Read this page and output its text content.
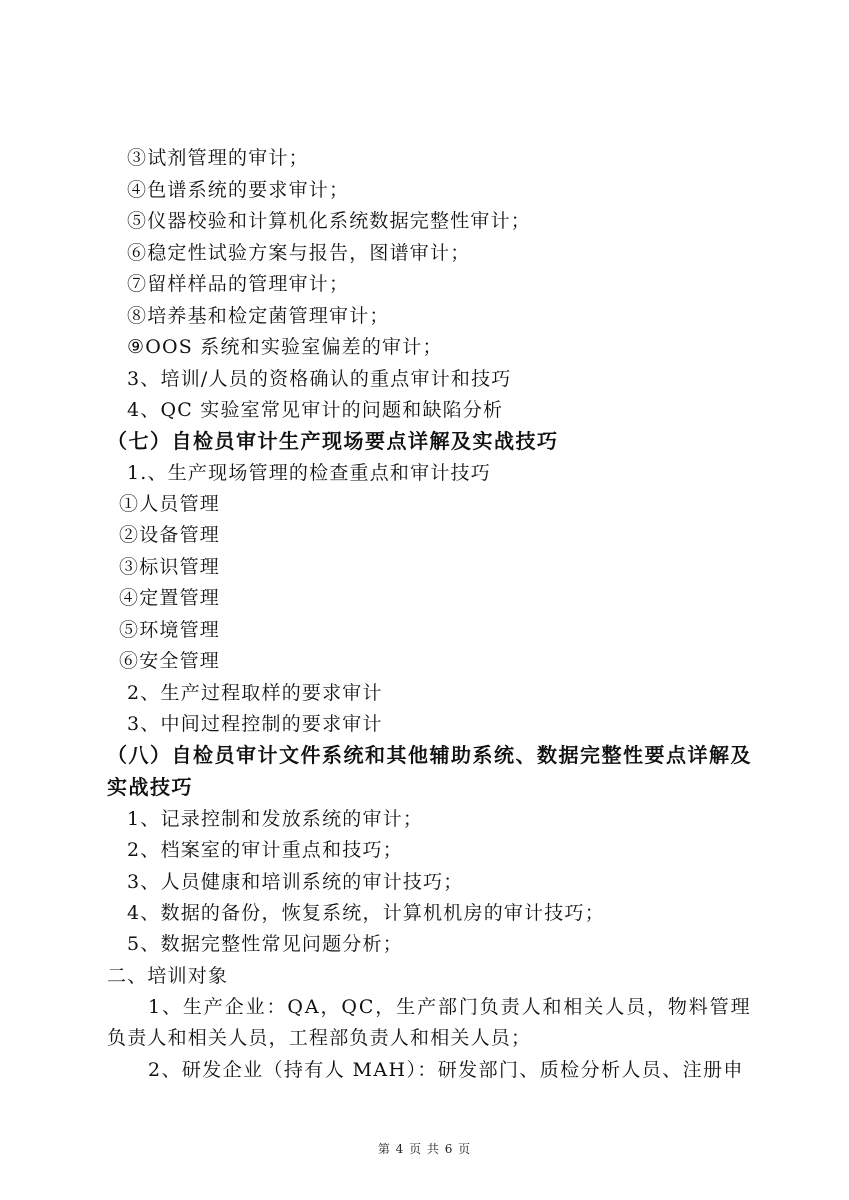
③试剂管理的审计；
④色谱系统的要求审计；
⑤仪器校验和计算机化系统数据完整性审计；
⑥稳定性试验方案与报告，图谱审计；
⑦留样样品的管理审计；
⑧培养基和检定菌管理审计；
⑨OOS 系统和实验室偏差的审计；
3、培训/人员的资格确认的重点审计和技巧
4、QC 实验室常见审计的问题和缺陷分析
（七）自检员审计生产现场要点详解及实战技巧
1.、生产现场管理的检查重点和审计技巧
①人员管理
②设备管理
③标识管理
④定置管理
⑤环境管理
⑥安全管理
2、生产过程取样的要求审计
3、中间过程控制的要求审计
（八）自检员审计文件系统和其他辅助系统、数据完整性要点详解及
实战技巧
1、记录控制和发放系统的审计；
2、档案室的审计重点和技巧；
3、人员健康和培训系统的审计技巧；
4、数据的备份，恢复系统，计算机机房的审计技巧；
5、数据完整性常见问题分析；
二、培训对象
1、生产企业：QA，QC，生产部门负责人和相关人员，物料管理
负责人和相关人员，工程部负责人和相关人员；
2、研发企业（持有人 MAH）：研发部门、质检分析人员、注册申
第 4 页 共 6 页
